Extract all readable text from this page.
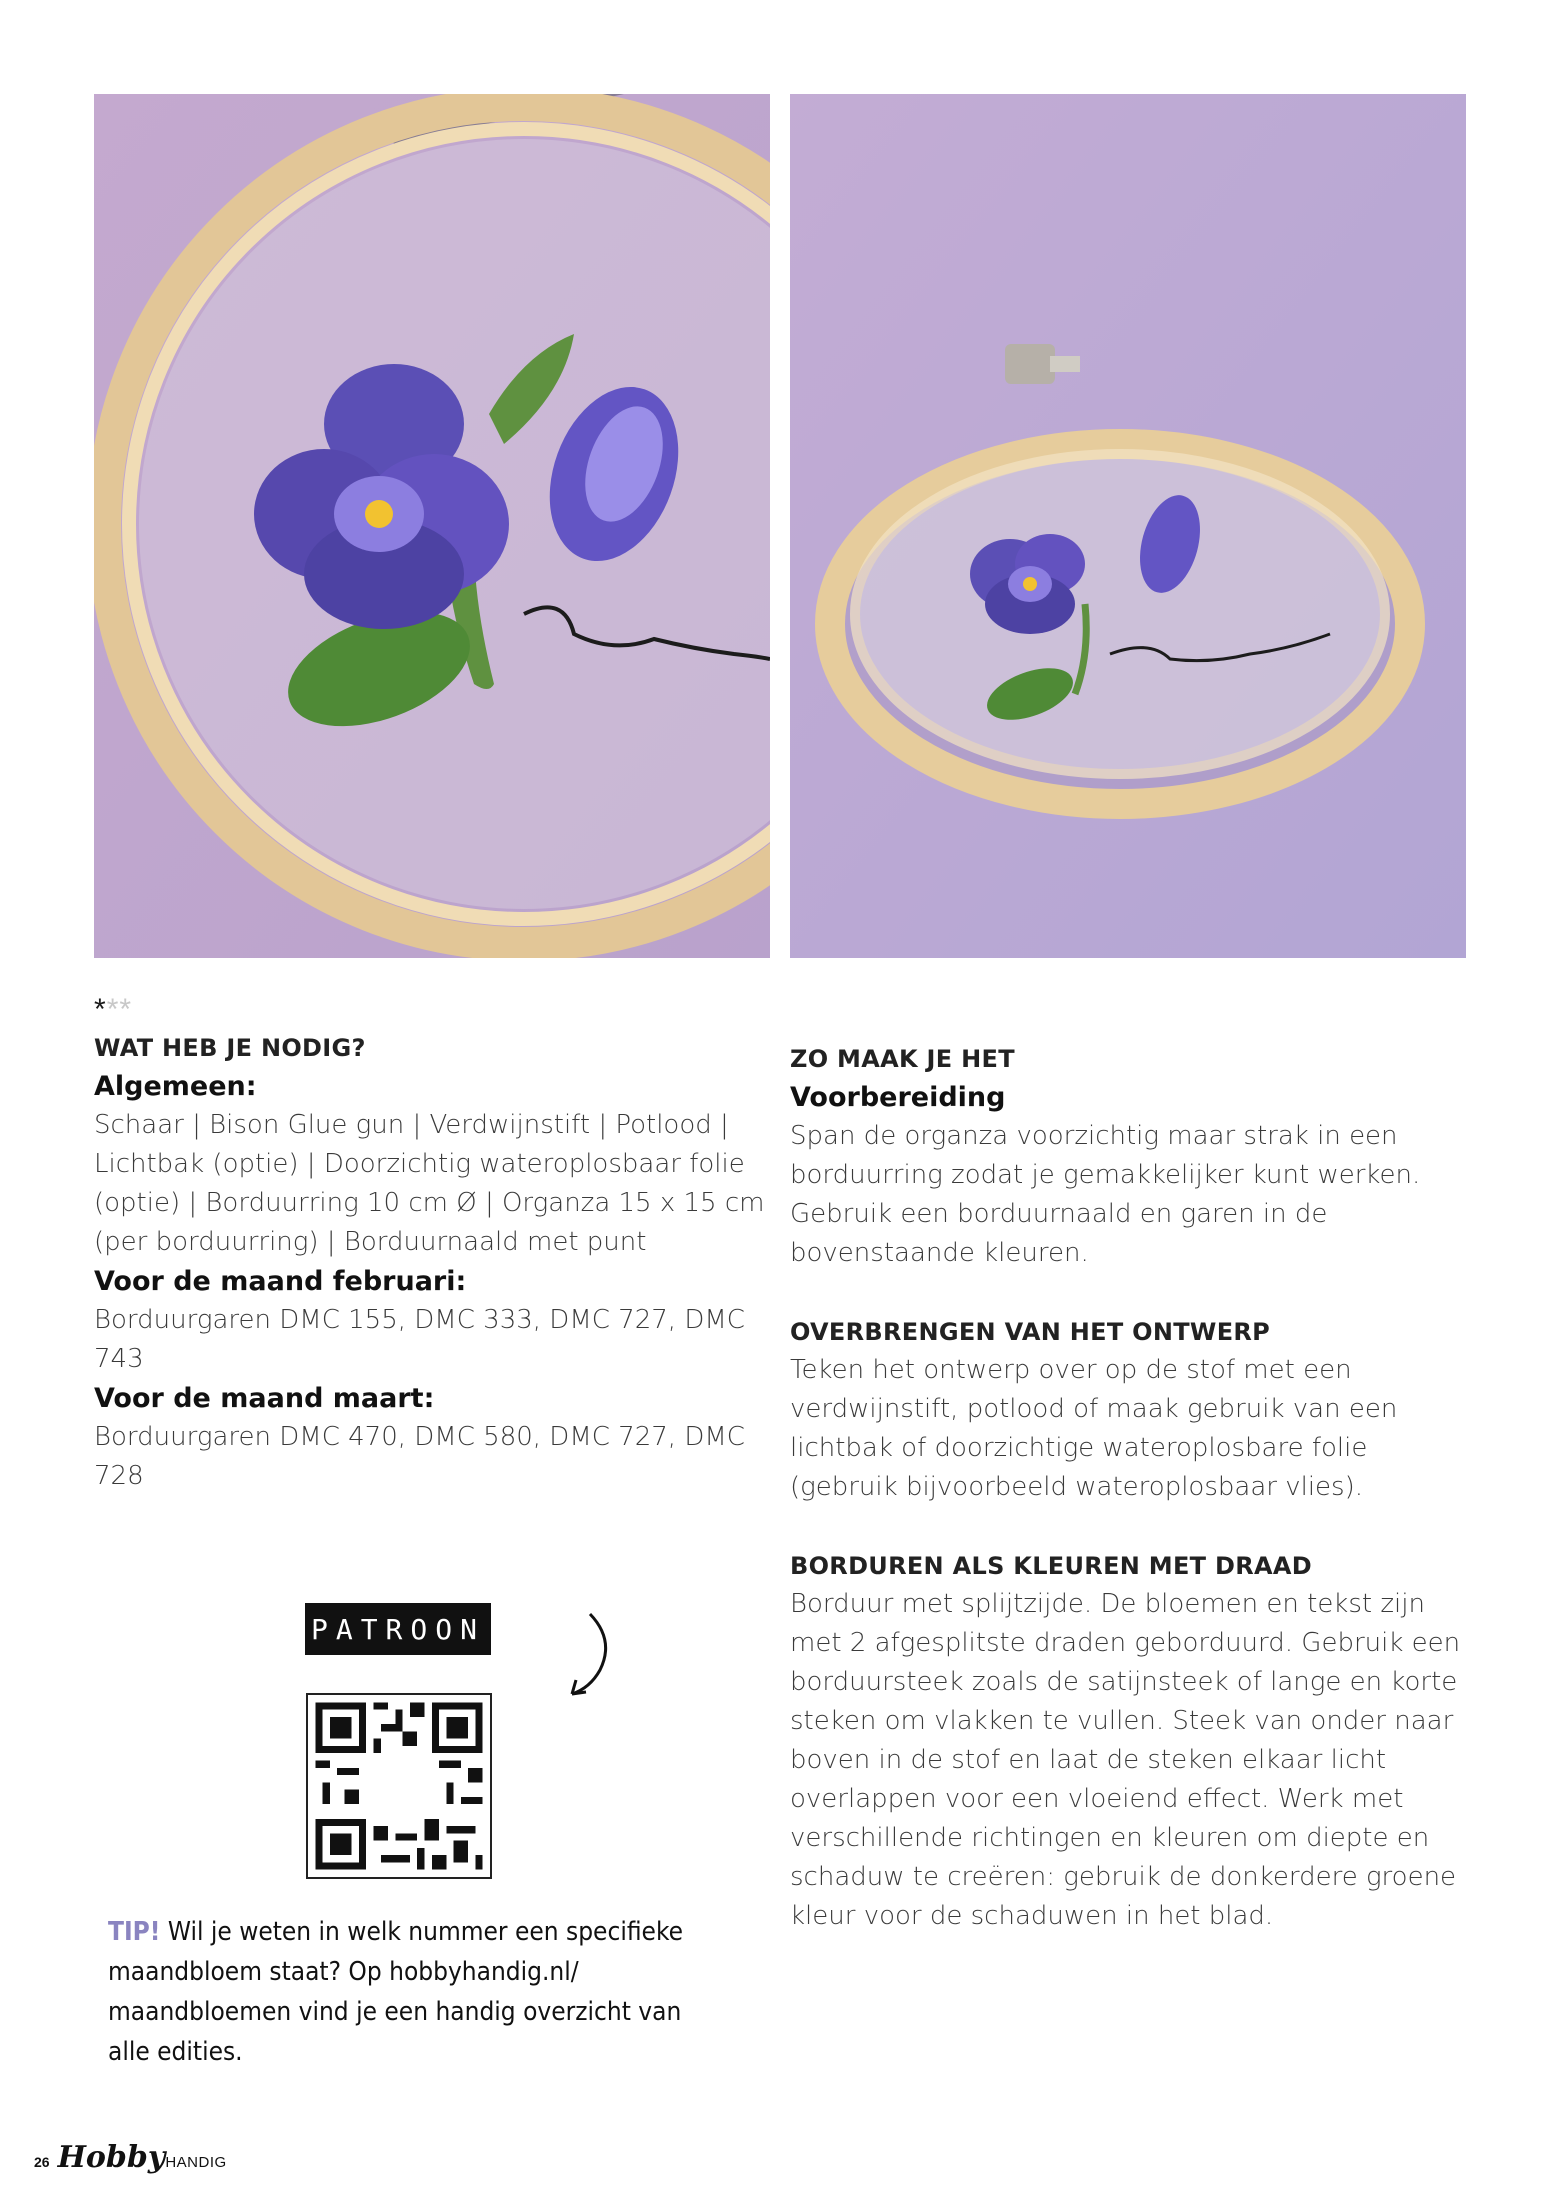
***
WAT HEB JE NODIG?
Algemeen:

Schaar | Bison Glue gun | Verdwijnstift | Potlood | Lichtbak (optie) | Doorzichtig wateroplosbaar folie (optie) | Borduurring 10 cm Ø | Organza 15 x 15 cm (per borduurring) | Borduurnaald met punt

Voor de maand februari:

Borduurgaren DMC 155, DMC 333, DMC 727, DMC 743

Voor de maand maart:

Borduurgaren DMC 470, DMC 580, DMC 727, DMC 728

ZO MAAK JE HET
Voorbereiding

Span de organza voorzichtig maar strak in een borduurring zodat je gemakkelijker kunt werken. Gebruik een borduurnaald en garen in de bovenstaande kleuren.

OVERBRENGEN VAN HET ONTWERP

Teken het ontwerp over op de stof met een verdwijnstift, potlood of maak gebruik van een lichtbak of doorzichtige wateroplosbare folie (gebruik bijvoorbeeld wateroplosbaar vlies).

BORDUREN ALS KLEUREN MET DRAAD

Borduur met splijtzijde. De bloemen en tekst zijn met 2 afgesplitste draden geborduurd. Gebruik een borduursteek zoals de satijnsteek of lange en korte steken om vlakken te vullen. Steek van onder naar boven in de stof en laat de steken elkaar licht overlappen voor een vloeiend effect. Werk met verschillende richtingen en kleuren om diepte en schaduw te creëren: gebruik de donkerdere groene kleur voor de schaduwen in het blad.

PATROON
TIP! Wil je weten in welk nummer een specifieke maandbloem staat? Op hobbyhandig.nl/ maandbloemen vind je een handig overzicht van alle edities.
26 HobbyHANDIG
